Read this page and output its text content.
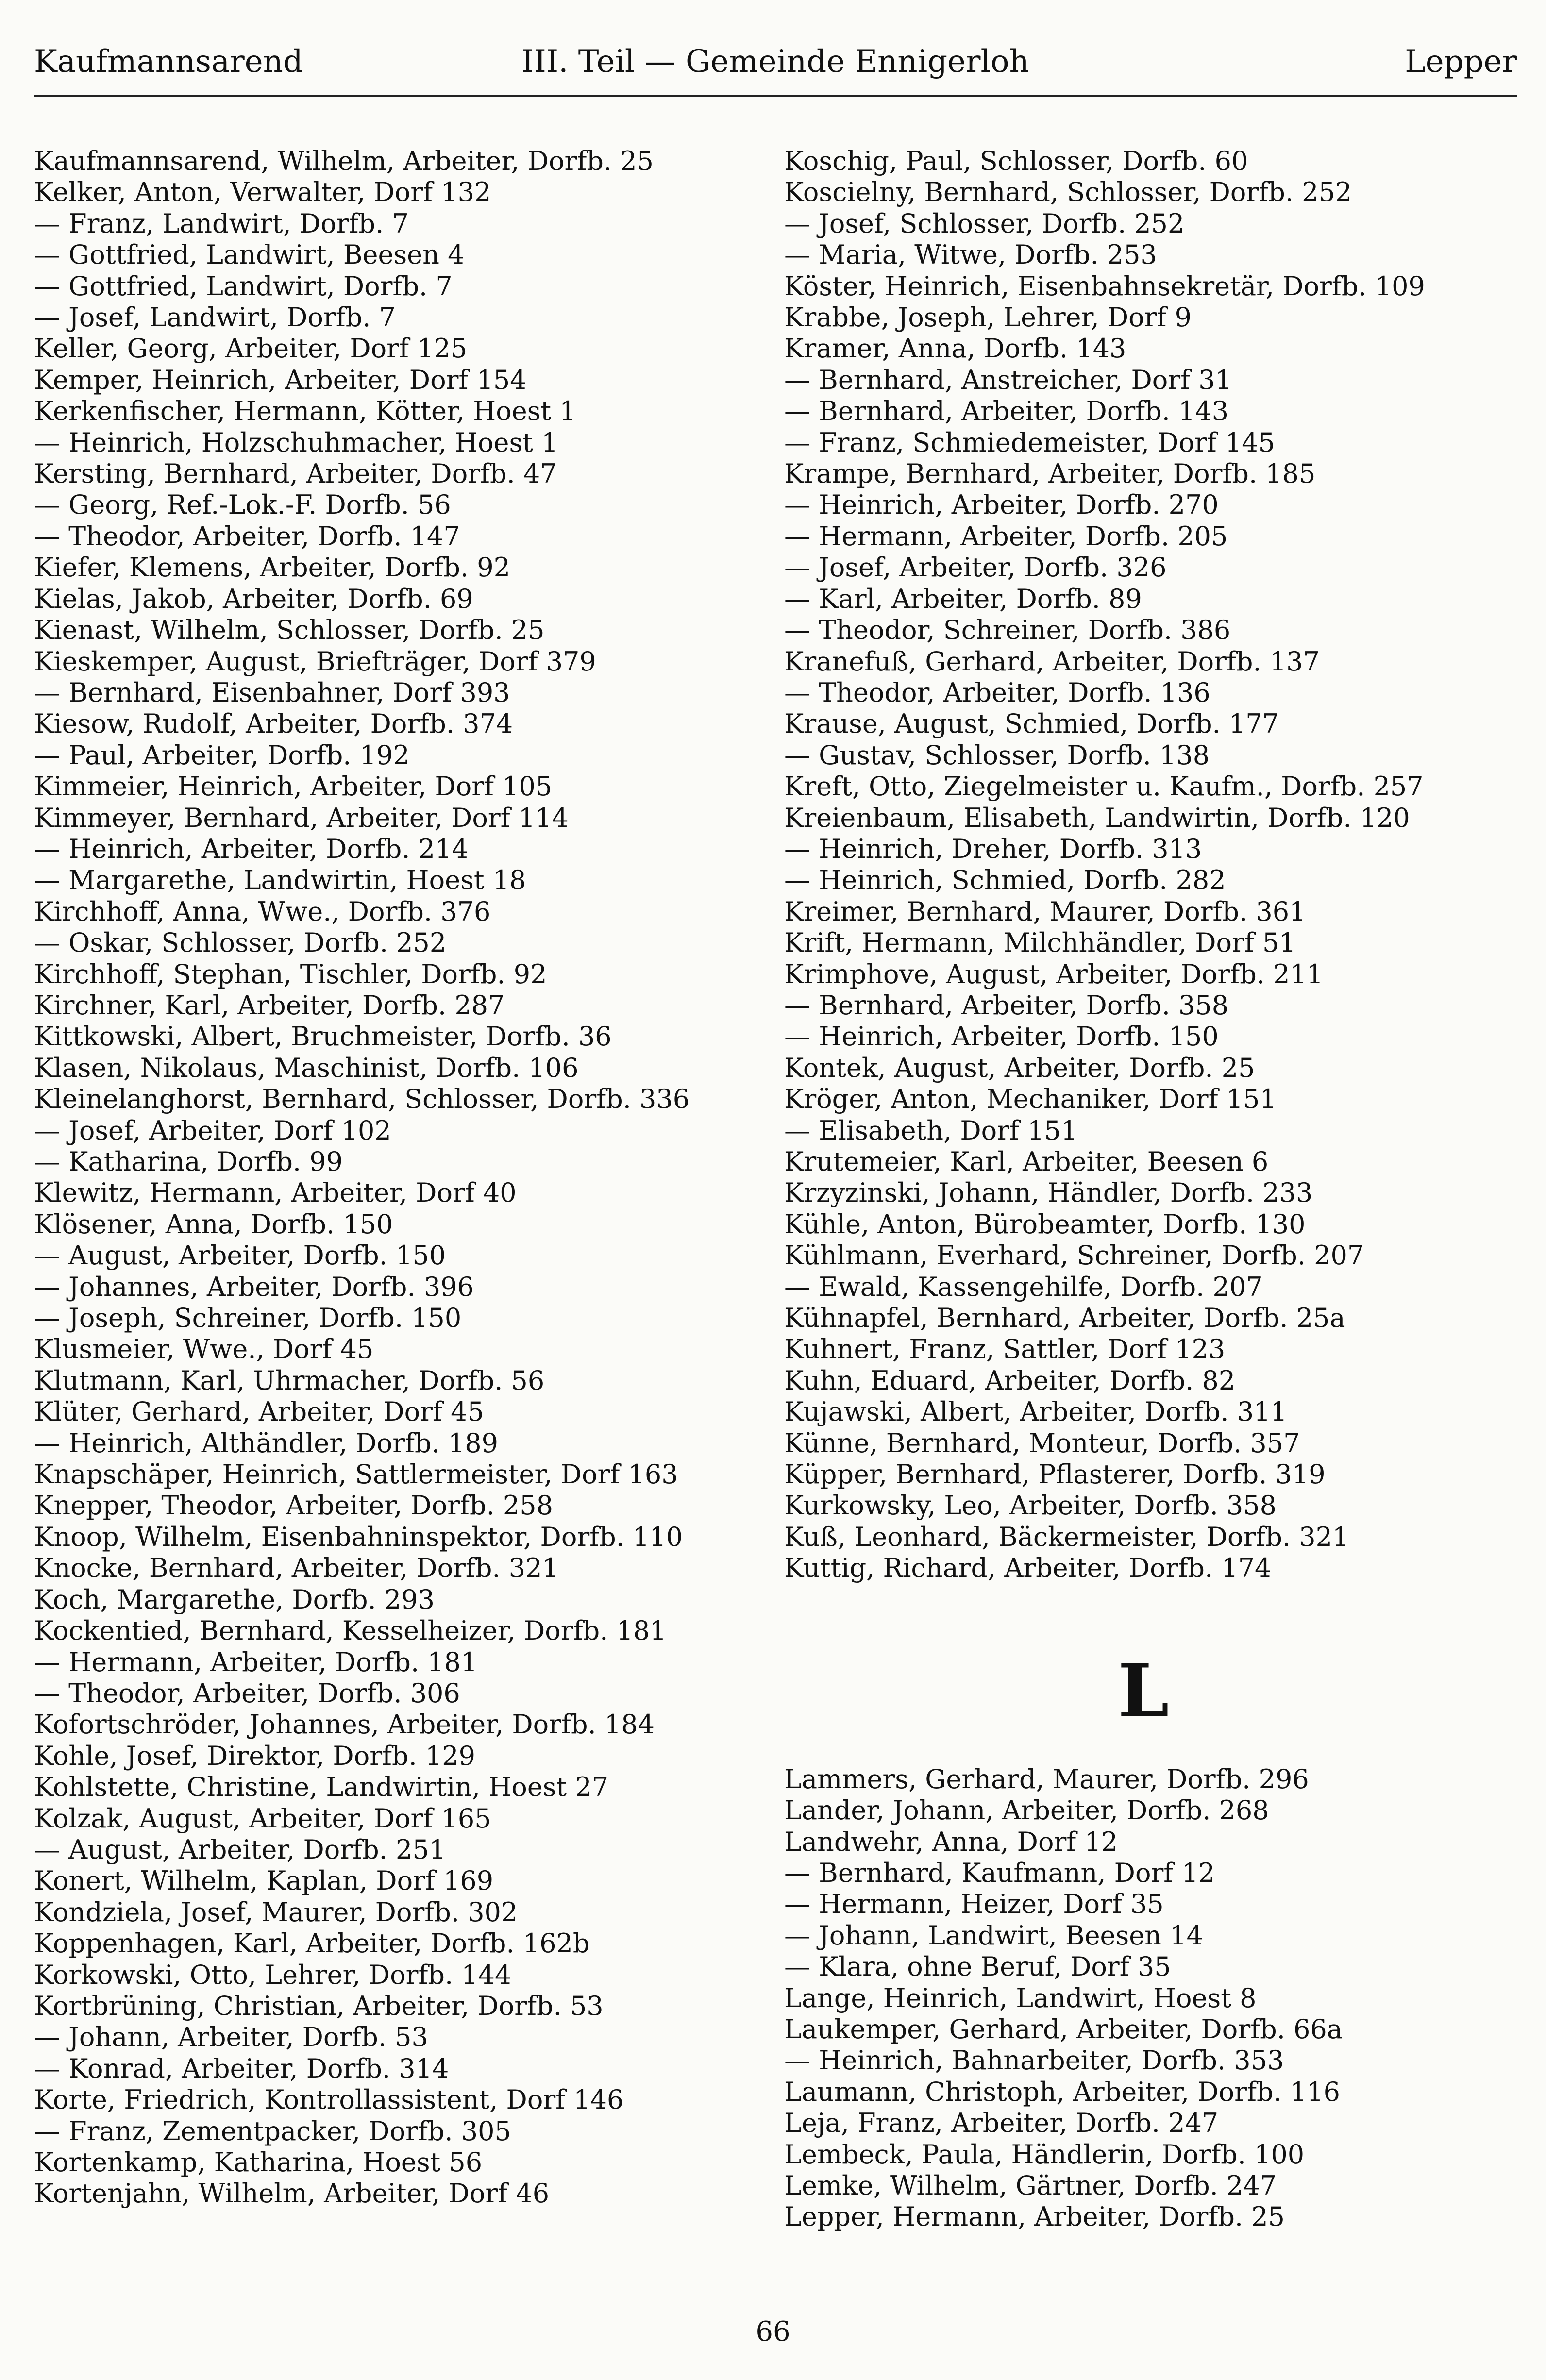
Kaufmannsarend	III. Teil — Gemeinde Ennigerloh	Lepper
Kaufmannsarend, Wilhelm, Arbeiter, Dorfb. 25
Kelker, Anton, Verwalter, Dorf 132
— Franz, Landwirt, Dorfb. 7
— Gottfried, Landwirt, Beesen 4
— Gottfried, Landwirt, Dorfb. 7
— Josef, Landwirt, Dorfb. 7
Keller, Georg, Arbeiter, Dorf 125
Kemper, Heinrich, Arbeiter, Dorf 154
Kerkenfischer, Hermann, Kötter, Hoest 1
— Heinrich, Holzschuhmacher, Hoest 1
Kersting, Bernhard, Arbeiter, Dorfb. 47
— Georg, Ref.-Lok.-F. Dorfb. 56
— Theodor, Arbeiter, Dorfb. 147
Kiefer, Klemens, Arbeiter, Dorfb. 92
Kielas, Jakob, Arbeiter, Dorfb. 69
Kienast, Wilhelm, Schlosser, Dorfb. 25
Kieskemper, August, Briefträger, Dorf 379
— Bernhard, Eisenbahner, Dorf 393
Kiesow, Rudolf, Arbeiter, Dorfb. 374
— Paul, Arbeiter, Dorfb. 192
Kimmeier, Heinrich, Arbeiter, Dorf 105
Kimmeyer, Bernhard, Arbeiter, Dorf 114
— Heinrich, Arbeiter, Dorfb. 214
— Margarethe, Landwirtin, Hoest 18
Kirchhoff, Anna, Wwe., Dorfb. 376
— Oskar, Schlosser, Dorfb. 252
Kirchhoff, Stephan, Tischler, Dorfb. 92
Kirchner, Karl, Arbeiter, Dorfb. 287
Kittkowski, Albert, Bruchmeister, Dorfb. 36
Klasen, Nikolaus, Maschinist, Dorfb. 106
Kleinelanghorst, Bernhard, Schlosser, Dorfb. 336
— Josef, Arbeiter, Dorf 102
— Katharina, Dorfb. 99
Klewitz, Hermann, Arbeiter, Dorf 40
Klösener, Anna, Dorfb. 150
— August, Arbeiter, Dorfb. 150
— Johannes, Arbeiter, Dorfb. 396
— Joseph, Schreiner, Dorfb. 150
Klusmeier, Wwe., Dorf 45
Klutmann, Karl, Uhrmacher, Dorfb. 56
Klüter, Gerhard, Arbeiter, Dorf 45
— Heinrich, Althändler, Dorfb. 189
Knapschäper, Heinrich, Sattlermeister, Dorf 163
Knepper, Theodor, Arbeiter, Dorfb. 258
Knoop, Wilhelm, Eisenbahninspektor, Dorfb. 110
Knocke, Bernhard, Arbeiter, Dorfb. 321
Koch, Margarethe, Dorfb. 293
Kockentied, Bernhard, Kesselheizer, Dorfb. 181
— Hermann, Arbeiter, Dorfb. 181
— Theodor, Arbeiter, Dorfb. 306
Kofortschröder, Johannes, Arbeiter, Dorfb. 184
Kohle, Josef, Direktor, Dorfb. 129
Kohlstette, Christine, Landwirtin, Hoest 27
Kolzak, August, Arbeiter, Dorf 165
— August, Arbeiter, Dorfb. 251
Konert, Wilhelm, Kaplan, Dorf 169
Kondziela, Josef, Maurer, Dorfb. 302
Koppenhagen, Karl, Arbeiter, Dorfb. 162b
Korkowski, Otto, Lehrer, Dorfb. 144
Kortbrüning, Christian, Arbeiter, Dorfb. 53
— Johann, Arbeiter, Dorfb. 53
— Konrad, Arbeiter, Dorfb. 314
Korte, Friedrich, Kontrollassistent, Dorf 146
— Franz, Zementpacker, Dorfb. 305
Kortenkamp, Katharina, Hoest 56
Kortenjahn, Wilhelm, Arbeiter, Dorf 46
Koschig, Paul, Schlosser, Dorfb. 60
Koscielny, Bernhard, Schlosser, Dorfb. 252
— Josef, Schlosser, Dorfb. 252
— Maria, Witwe, Dorfb. 253
Köster, Heinrich, Eisenbahnsekretär, Dorfb. 109
Krabbe, Joseph, Lehrer, Dorf 9
Kramer, Anna, Dorfb. 143
— Bernhard, Anstreicher, Dorf 31
— Bernhard, Arbeiter, Dorfb. 143
— Franz, Schmiedemeister, Dorf 145
Krampe, Bernhard, Arbeiter, Dorfb. 185
— Heinrich, Arbeiter, Dorfb. 270
— Hermann, Arbeiter, Dorfb. 205
— Josef, Arbeiter, Dorfb. 326
— Karl, Arbeiter, Dorfb. 89
— Theodor, Schreiner, Dorfb. 386
Kranefuß, Gerhard, Arbeiter, Dorfb. 137
— Theodor, Arbeiter, Dorfb. 136
Krause, August, Schmied, Dorfb. 177
— Gustav, Schlosser, Dorfb. 138
Kreft, Otto, Ziegelmeister u. Kaufm., Dorfb. 257
Kreienbaum, Elisabeth, Landwirtin, Dorfb. 120
— Heinrich, Dreher, Dorfb. 313
— Heinrich, Schmied, Dorfb. 282
Kreimer, Bernhard, Maurer, Dorfb. 361
Krift, Hermann, Milchhändler, Dorf 51
Krimphove, August, Arbeiter, Dorfb. 211
— Bernhard, Arbeiter, Dorfb. 358
— Heinrich, Arbeiter, Dorfb. 150
Kontek, August, Arbeiter, Dorfb. 25
Kröger, Anton, Mechaniker, Dorf 151
— Elisabeth, Dorf 151
Krutemeier, Karl, Arbeiter, Beesen 6
Krzyzinski, Johann, Händler, Dorfb. 233
Kühle, Anton, Bürobeamter, Dorfb. 130
Kühlmann, Everhard, Schreiner, Dorfb. 207
— Ewald, Kassengehilfe, Dorfb. 207
Kühnapfel, Bernhard, Arbeiter, Dorfb. 25a
Kuhnert, Franz, Sattler, Dorf 123
Kuhn, Eduard, Arbeiter, Dorfb. 82
Kujawski, Albert, Arbeiter, Dorfb. 311
Künne, Bernhard, Monteur, Dorfb. 357
Küpper, Bernhard, Pflasterer, Dorfb. 319
Kurkowsky, Leo, Arbeiter, Dorfb. 358
Kuß, Leonhard, Bäckermeister, Dorfb. 321
Kuttig, Richard, Arbeiter, Dorfb. 174
L
Lammers, Gerhard, Maurer, Dorfb. 296
Lander, Johann, Arbeiter, Dorfb. 268
Landwehr, Anna, Dorf 12
— Bernhard, Kaufmann, Dorf 12
— Hermann, Heizer, Dorf 35
— Johann, Landwirt, Beesen 14
— Klara, ohne Beruf, Dorf 35
Lange, Heinrich, Landwirt, Hoest 8
Laukemper, Gerhard, Arbeiter, Dorfb. 66a
— Heinrich, Bahnarbeiter, Dorfb. 353
Laumann, Christoph, Arbeiter, Dorfb. 116
Leja, Franz, Arbeiter, Dorfb. 247
Lembeck, Paula, Händlerin, Dorfb. 100
Lemke, Wilhelm, Gärtner, Dorfb. 247
Lepper, Hermann, Arbeiter, Dorfb. 25
66
